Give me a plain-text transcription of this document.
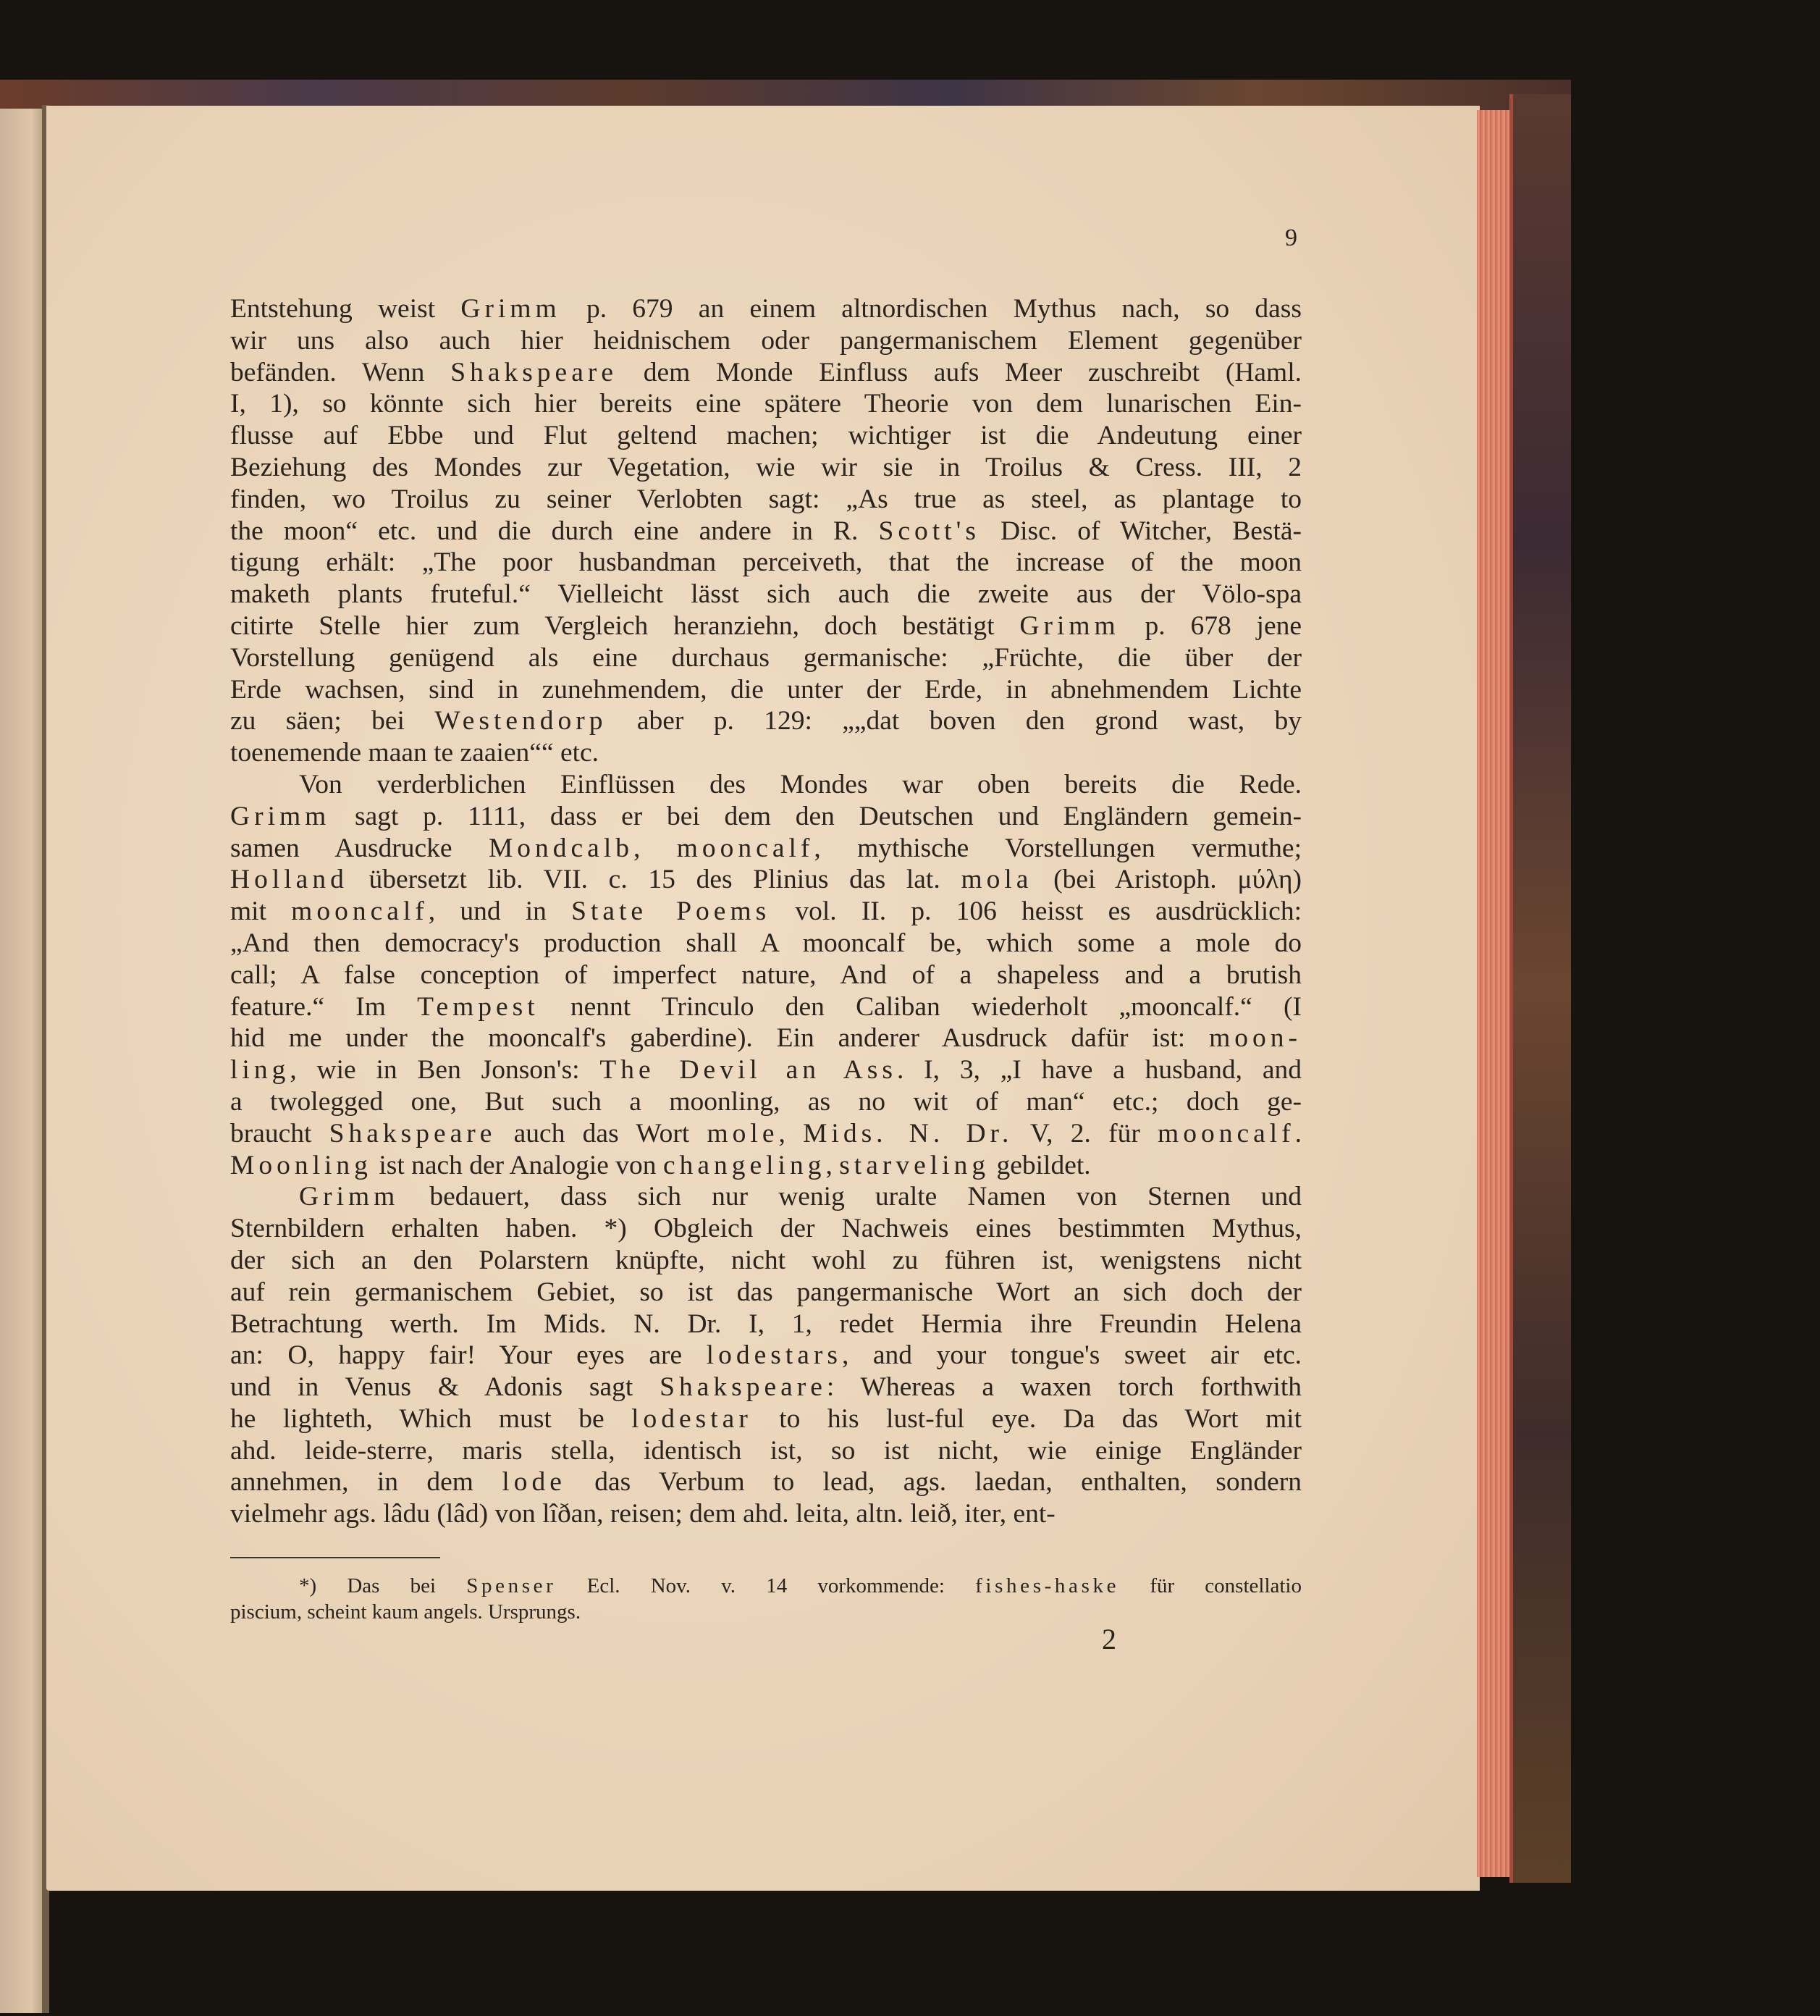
9
Entstehung weist Grimm p. 679 an einem altnordischen Mythus nach, so dass
wir uns also auch hier heidnischem oder pangermanischem Element gegenüber
befänden. Wenn Shakspeare dem Monde Einfluss aufs Meer zuschreibt (Haml.
I, 1), so könnte sich hier bereits eine spätere Theorie von dem lunarischen Ein-
flusse auf Ebbe und Flut geltend machen; wichtiger ist die Andeutung einer
Beziehung des Mondes zur Vegetation, wie wir sie in Troilus & Cress. III, 2
finden, wo Troilus zu seiner Verlobten sagt: „As true as steel, as plantage to
the moon“ etc. und die durch eine andere in R. Scott's Disc. of Witcher, Bestä-
tigung erhält: „The poor husbandman perceiveth, that the increase of the moon
maketh plants fruteful.“ Vielleicht lässt sich auch die zweite aus der Völo-spa
citirte Stelle hier zum Vergleich heranziehn, doch bestätigt Grimm p. 678 jene
Vorstellung genügend als eine durchaus germanische: „Früchte, die über der
Erde wachsen, sind in zunehmendem, die unter der Erde, in abnehmendem Lichte
zu säen; bei Westendorp aber p. 129: „„dat boven den grond wast, by
toenemende maan te zaaien““ etc.
Von verderblichen Einflüssen des Mondes war oben bereits die Rede.
Grimm sagt p. 1111, dass er bei dem den Deutschen und Engländern gemein-
samen Ausdrucke Mondcalb, mooncalf, mythische Vorstellungen vermuthe;
Holland übersetzt lib. VII. c. 15 des Plinius das lat. mola (bei Aristoph. μύλη)
mit mooncalf, und in State Poems vol. II. p. 106 heisst es ausdrücklich:
„And then democracy's production shall A mooncalf be, which some a mole do
call; A false conception of imperfect nature, And of a shapeless and a brutish
feature.“ Im Tempest nennt Trinculo den Caliban wiederholt „mooncalf.“ (I
hid me under the mooncalf's gaberdine). Ein anderer Ausdruck dafür ist: moon-
ling, wie in Ben Jonson's: The Devil an Ass. I, 3, „I have a husband, and
a twolegged one, But such a moonling, as no wit of man“ etc.; doch ge-
braucht Shakspeare auch das Wort mole, Mids. N. Dr. V, 2. für mooncalf.
Moonling ist nach der Analogie von changeling, starveling gebildet.
Grimm bedauert, dass sich nur wenig uralte Namen von Sternen und
Sternbildern erhalten haben. *) Obgleich der Nachweis eines bestimmten Mythus,
der sich an den Polarstern knüpfte, nicht wohl zu führen ist, wenigstens nicht
auf rein germanischem Gebiet, so ist das pangermanische Wort an sich doch der
Betrachtung werth. Im Mids. N. Dr. I, 1, redet Hermia ihre Freundin Helena
an: O, happy fair! Your eyes are lodestars, and your tongue's sweet air etc.
und in Venus & Adonis sagt Shakspeare: Whereas a waxen torch forthwith
he lighteth, Which must be lodestar to his lust-ful eye. Da das Wort mit
ahd. leide-sterre, maris stella, identisch ist, so ist nicht, wie einige Engländer
annehmen, in dem lode das Verbum to lead, ags. laedan, enthalten, sondern
vielmehr ags. lâdu (lâd) von lîðan, reisen; dem ahd. leita, altn. leið, iter, ent-
*) Das bei Spenser Ecl. Nov. v. 14 vorkommende: fishes-haske für constellatio
piscium, scheint kaum angels. Ursprungs.
2
